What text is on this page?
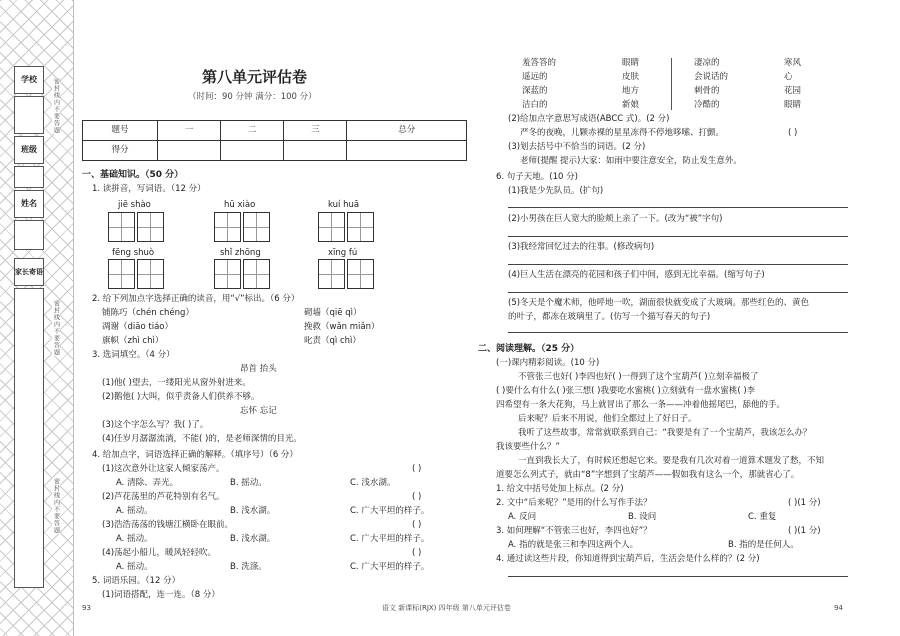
学校
班级
姓名
家长寄语
密封线内不要答题
密封线内不要答题
密封线内不要答题
第八单元评估卷
（时间：90 分钟 满分：100 分）
题号	一	二	三	总分
得分				
一、基础知识。（50 分）
1. 读拼音，写词语。（12 分）
jiē shào	hū xiào	kuí huā
fēng shuò	shǐ zhōng	xīng fú
2. 给下列加点字选择正确的读音，用“√”标出。（6 分）
铺陈巧（chén chéng）	砌墙（qiē qì）
凋谢（diāo tiáo）	挽救（wǎn miǎn）
旗帜（zhì chì）	叱责（qì chì）
3. 选词填空。（4 分）
昂首 抬头
(1)他( )望去，一缕阳光从窗外射进来。
(2)鹅他( )大叫，似乎责备人们供养不够。
忘怀 忘记
(3)这个字怎么写？我( )了。
(4)任岁月潺潺流淌，不能( )的，是老师深情的目光。
4. 给加点字，词语选择正确的解释。（填序号）（6 分）
(1)这次意外让这家人倾家荡产。	( )
A. 清除、弄光。	B. 摇动。	C. 浅水湖。
(2)芦花荡里的芦花特别有名气。	( )
A. 摇动。	B. 浅水湖。	C. 广大平坦的样子。
(3)浩浩荡荡的钱塘江横卧在眼前。	( )
A. 摇动。	B. 浅水湖。	C. 广大平坦的样子。
(4)荡起小船儿，暖风轻轻吹。	( )
A. 摇动。	B. 洗涤。	C. 广大平坦的样子。
5. 词语乐园。（12 分）
(1)词语搭配，连一连。（8 分）
93	语文 新课标(RJX) 四年级 第八单元评估卷
羞答答的	眼睛	凄凉的	寒风
遥远的	皮肤	会说话的	心
深蓝的	地方	刺骨的	花园
洁白的	新娘	冷酷的	眼睛
(2)给加点字意思写成语(ABCC 式)。(2 分)
严冬的夜晚，儿颗赤裸的星星冻得不停地哆嗦、打颤。	( )
(3)划去括号中不恰当的词语。(2 分)
老师(提醒 提示)大家：如雨中要注意安全，防止发生意外。
6. 句子天地。(10 分)
(1)我是少先队员。(扩句)
(2)小男孩在巨人宽大的脸颊上亲了一下。(改为“被”字句)
(3)我经常回忆过去的往事。(修改病句)
(4)巨人生活在漂亮的花园和孩子们中间，感到无比幸福。(缩写句子)
(5)冬天是个魔术师，他呼地一吹，湖面很快就变成了大玻璃。那些红色的、黄色
的叶子，都冻在玻璃里了。(仿写一个描写春天的句子)
二、阅读理解。（25 分）
(一)课内精彩阅读。(10 分)
不管张三也好( )李四也好( )一得到了这个宝葫芦( )立刻幸福极了
( )要什么有什么( )张三想( )我要吃水蜜桃( )立刻就有一盘水蜜桃( )李
四希望有一条大花狗，马上就冒出了那么一条——冲着他摇尾巴，舔他的手。
后来呢？后来不用说，他们全都过上了好日子。
我听了这些故事，常常就联系到自己：“我要是有了一个宝葫芦，我该怎么办？
我该要些什么？”
一直到我长大了，有时候还想起它来。要是我有几次对着一道算术题发了愁，不知
道要怎么列式子，就由“8”字想到了宝葫芦——假如我有这么一个，那就省心了。
1. 给文中括号处加上标点。(2 分)
2. 文中“后来呢？”是用的什么写作手法？	( )(1 分)
A. 反问	B. 设问	C. 重复
3. 如何理解“不管张三也好，李四也好”？	( )(1 分)
A. 指的就是张三和李四这两个人。	B. 指的是任何人。
4. 通过读这些片段，你知道得到宝葫芦后，生活会是什么样的？(2 分)
94
